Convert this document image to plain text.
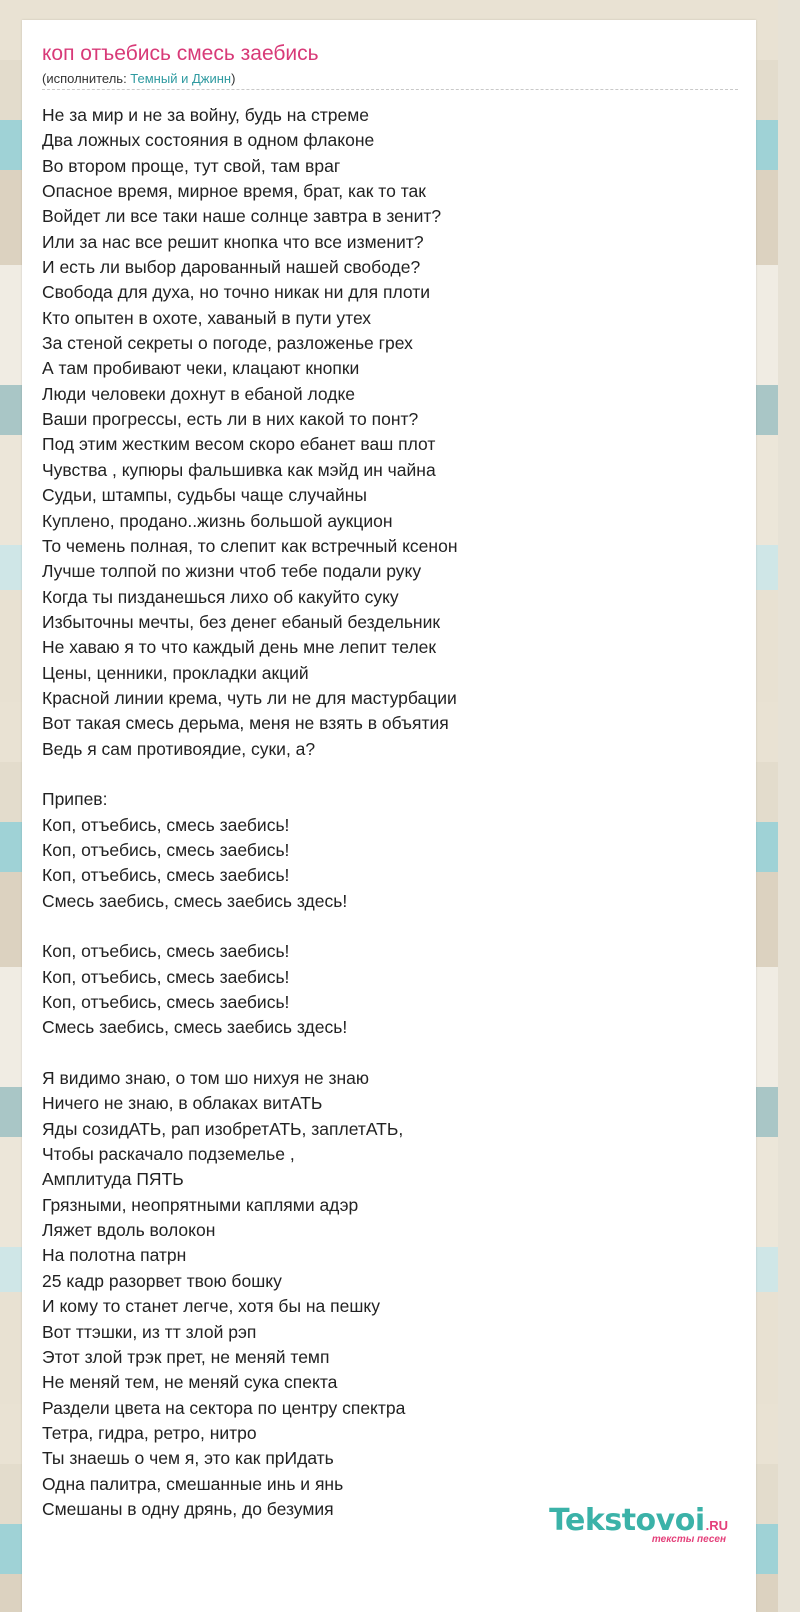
коп отъебись смесь заебись
(исполнитель: Темный и Джинн)
Не за мир и не за войну, будь на стреме
Два ложных состояния в одном флаконе
Во втором проще, тут свой, там враг
Опасное время, мирное время, брат, как то так
Войдет ли все таки наше солнце завтра в зенит?
Или за нас все решит кнопка что все изменит?
И есть ли выбор дарованный нашей свободе?
Свобода для духа, но точно никак ни для плоти
Кто опытен в охоте, хаваный в пути утех
За стеной секреты о погоде, разложенье грех
А там пробивают чеки, клацают кнопки
Люди человеки дохнут в ебаной лодке
Ваши прогрессы, есть ли в них какой то понт?
Под этим жестким весом скоро ебанет ваш плот
Чувства , купюры фальшивка как мэйд ин чайна
Судьи, штампы, судьбы чаще случайны
Куплено, продано..жизнь большой аукцион
То чемень полная, то слепит как встречный ксенон
Лучше толпой по жизни чтоб тебе подали руку
Когда ты пизданешься лихо об какуйто суку
Избыточны мечты, без денег ебаный бездельник
Не хаваю я то что каждый день мне лепит телек
Цены, ценники, прокладки акций
Красной линии крема, чуть ли не для мастурбации
Вот такая смесь дерьма, меня не взять в объятия
Ведь я сам противоядие, суки, а?

Припев:
Коп, отъебись, смесь заебись!
Коп, отъебись, смесь заебись!
Коп, отъебись, смесь заебись!
Смесь заебись, смесь заебись здесь!

Коп, отъебись, смесь заебись!
Коп, отъебись, смесь заебись!
Коп, отъебись, смесь заебись!
Смесь заебись, смесь заебись здесь!

Я видимо знаю, о том шо нихуя не знаю
Ничего не знаю, в облаках витАТЬ
Яды созидАТЬ, рап изобретАТЬ, заплетАТЬ,
Чтобы раскачало подземелье ,
Амплитуда ПЯТЬ
Грязными, неопрятными каплями адэр
Ляжет вдоль волокон
На полотна патрн
25 кадр разорвет твою бошку
И кому то станет легче, хотя бы на пешку
Вот ттэшки, из тт злой рэп
Этот злой трэк прет, не меняй темп
Не меняй тем, не меняй сука спекта
Раздели цвета на сектора по центру спектра
Тетра, гидра, ретро, нитро
Ты знаешь о чем я, это как прИдать
Одна палитра, смешанные инь и янь
Смешаны в одну дрянь, до безумия	Tekstovoi.RU
тексты песен
